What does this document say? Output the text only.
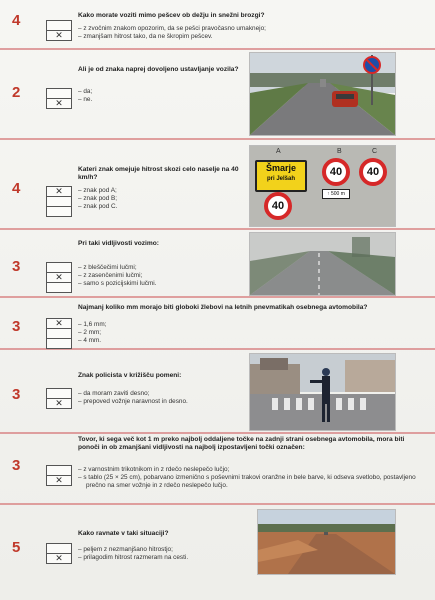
4
✕
Kako morate voziti mimo pešcev ob dežju in snežni brozgi?
– z zvočnim znakom opozorim, da se pešci pravočasno umaknejo;
– zmanjšam hitrost tako, da ne škropim pešcev.
2
✕
Ali je od znaka naprej dovoljeno ustavljanje vozila?
– da;
– ne.
4	✕
Kateri znak omejuje hitrost skozi celo naselje na 40 km/h?
– znak pod A;
– znak pod B;
– znak pod C.
A	B	C
Šmarje
pri Jelšah
40
40
↑ 500 m
40
3
✕
Pri taki vidljivosti vozimo:
– z bleščečimi lučmi;
– z zasenčenimi lučmi;
– samo s pozicijskimi lučmi.
3	✕
Najmanj koliko mm morajo biti globoki žlebovi na letnih pnevmatikah osebnega avtomobila?
– 1,6 mm;
– 2 mm;
– 4 mm.
3	✕
Znak policista v križišču pomeni:
– da moram zaviti desno;
– prepoved vožnje naravnost in desno.
3
✕
Tovor, ki sega več kot 1 m preko najbolj oddaljene točke na zadnji strani osebnega avtomobila, mora biti ponoči in ob zmanjšani vidljivosti na najbolj izpostavljeni točki označen:
– z varnostnim trikotnikom in z rdečo neslepečo lučjo;
– s tablo (25 × 25 cm), pobarvano izmenično s poševnimi trakovi oranžne in bele barve, ki odseva svetlobo, postavljeno prečno na smer vožnje in z rdečo neslepečo lučjo.
5
✕
Kako ravnate v taki situaciji?
– peljem z nezmanjšano hitrostjo;
– prilagodim hitrost razmeram na cesti.
